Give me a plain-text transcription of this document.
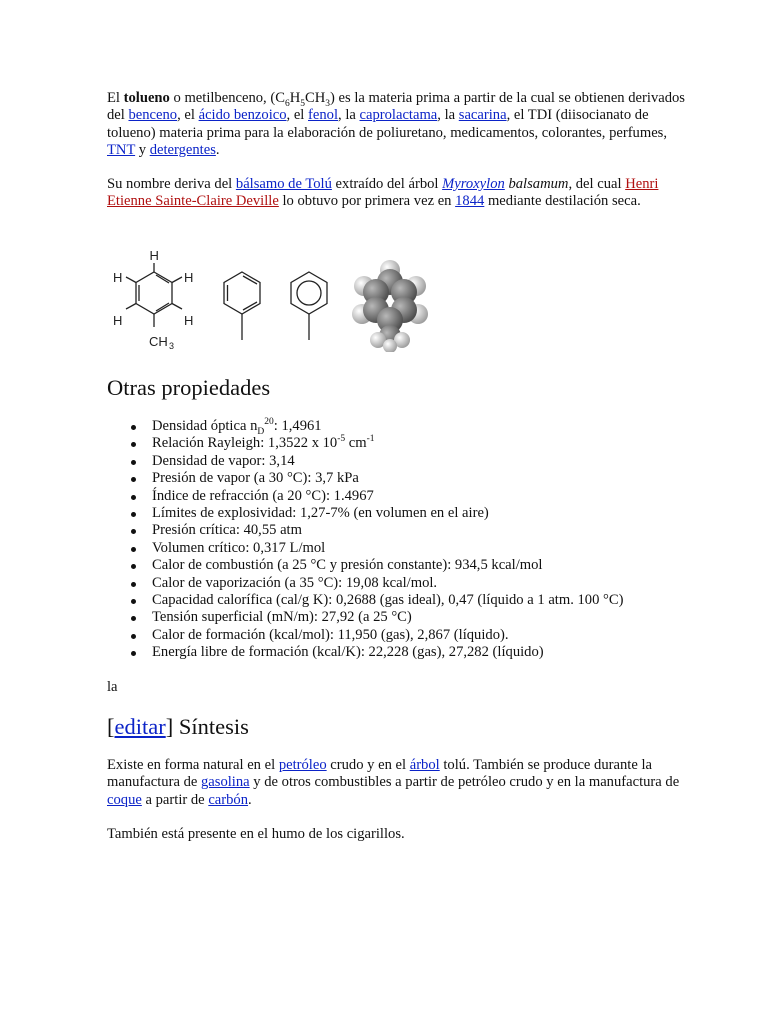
El tolueno o metilbenceno, $(C_6H_5CH_3)$ es la materia prima a partir de la cual se obtienen derivados del benceno, el ácido benzoico, el fenol, la caprolactama, la sacarina, el TDI (diisocianato de tolueno) materia prima para la elaboración de poliuretano, medicamentos, colorantes, perfumes, TNT y detergentes.

Su nombre deriva del bálsamo de Tolú extraído del árbol Myroxylon balsamum, del cual Henri Etienne Sainte-Claire Deville lo obtuvo por primera vez en 1844 mediante destilación seca.

H
H	H
H	H
CH 3
Otras propiedades
Densidad óptica $n_D^{20}$: 1,4961
Relación Rayleigh: 1,3522 x $10^{-5}$ $cm^{-1}$
Densidad de vapor: 3,14
Presión de vapor (a 30 °C): 3,7 kPa
Índice de refracción (a 20 °C): 1.4967
Límites de explosividad: 1,27-7% (en volumen en el aire)
Presión crítica: 40,55 atm
Volumen crítico: 0,317 L/mol
Calor de combustión (a 25 °C y presión constante): 934,5 kcal/mol
Calor de vaporización (a 35 °C): 19,08 kcal/mol.
Capacidad calorífica (cal/g K): 0,2688 (gas ideal), 0,47 (líquido a 1 atm. 100 °C)
Tensión superficial (mN/m): 27,92 (a 25 °C)
Calor de formación (kcal/mol): 11,950 (gas), 2,867 (líquido).
Energía libre de formación (kcal/K): 22,228 (gas), 27,282 (líquido)

la

[editar] Síntesis

Existe en forma natural en el petróleo crudo y en el árbol tolú. También se produce durante la manufactura de gasolina y de otros combustibles a partir de petróleo crudo y en la manufactura de coque a partir de carbón.

También está presente en el humo de los cigarillos.
